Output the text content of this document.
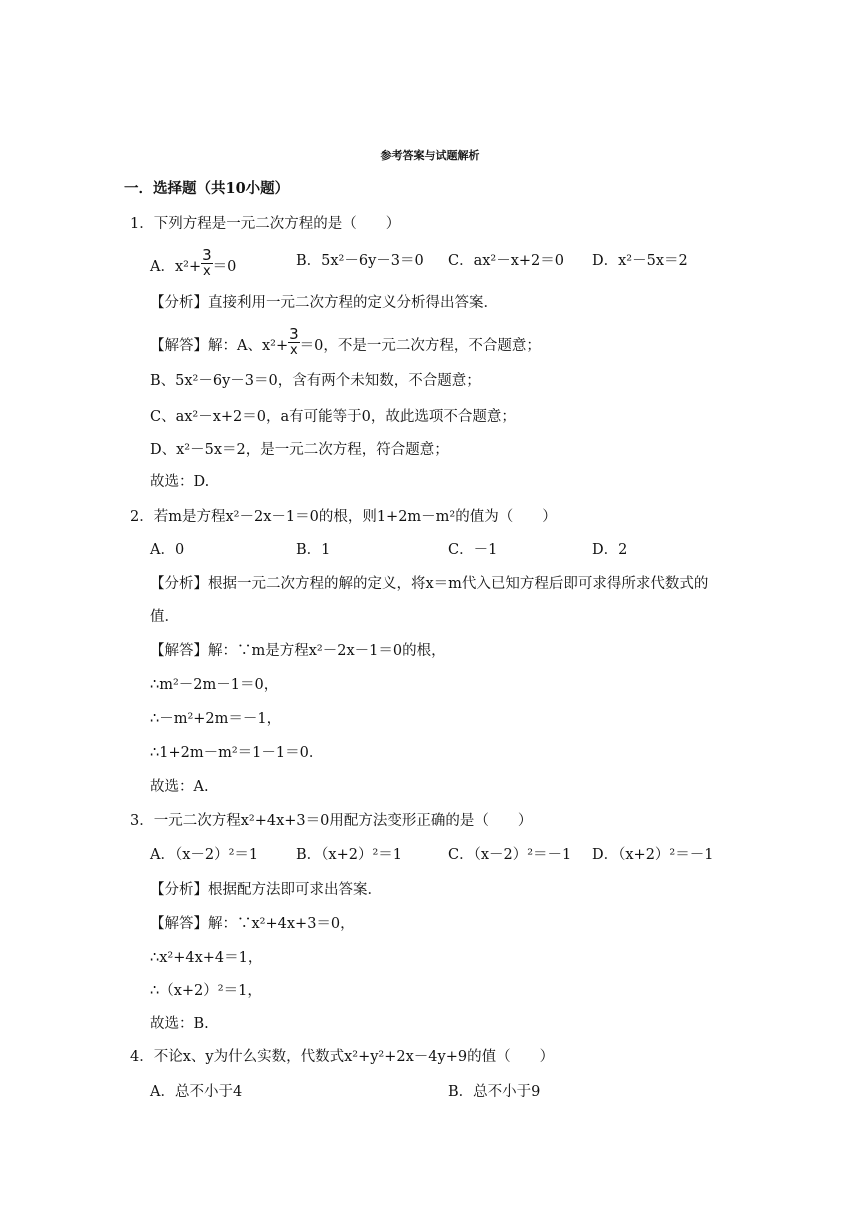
参考答案与试题解析
一．选择题（共10小题）
1．下列方程是一元二次方程的是（　　）
A．$x^2+ \frac{3}{x} =0$	B．5x²－6y－3＝0 C．ax²－x+2＝0 D．x²－5x＝2
【分析】直接利用一元二次方程的定义分析得出答案．
【解答】解：A、$x^2+ \frac{3}{x} =0$，不是一元二次方程，不合题意；
B、5x²－6y－3＝0，含有两个未知数，不合题意；
C、ax²－x+2＝0，a有可能等于0，故此选项不合题意；
D、x²－5x＝2，是一元二次方程，符合题意；
故选：D.
2．若m是方程x²－2x－1＝0的根，则1+2m－m²的值为（　　）
A．0	B．1	C．－1	D．2
【分析】根据一元二次方程的解的定义，将x＝m代入已知方程后即可求得所求代数式的
值．
【解答】解：∵m是方程x²－2x－1＝0的根，
∴m²－2m－1＝0，
∴－m²+2m＝－1，
∴1+2m－m²＝1－1＝0．
故选：A.
3．一元二次方程x²+4x+3＝0用配方法变形正确的是（　　）
A．（x－2）²＝1	B．（x+2）²＝1	C．（x－2）²＝－1 D．（x+2）²＝－1
【分析】根据配方法即可求出答案．
【解答】解：∵x²+4x+3＝0，
∴x²+4x+4＝1，
∴（x+2）²＝1，
故选：B.
4．不论x、y为什么实数，代数式x²+y²+2x－4y+9的值（　　）
A．总不小于4	B．总不小于9
